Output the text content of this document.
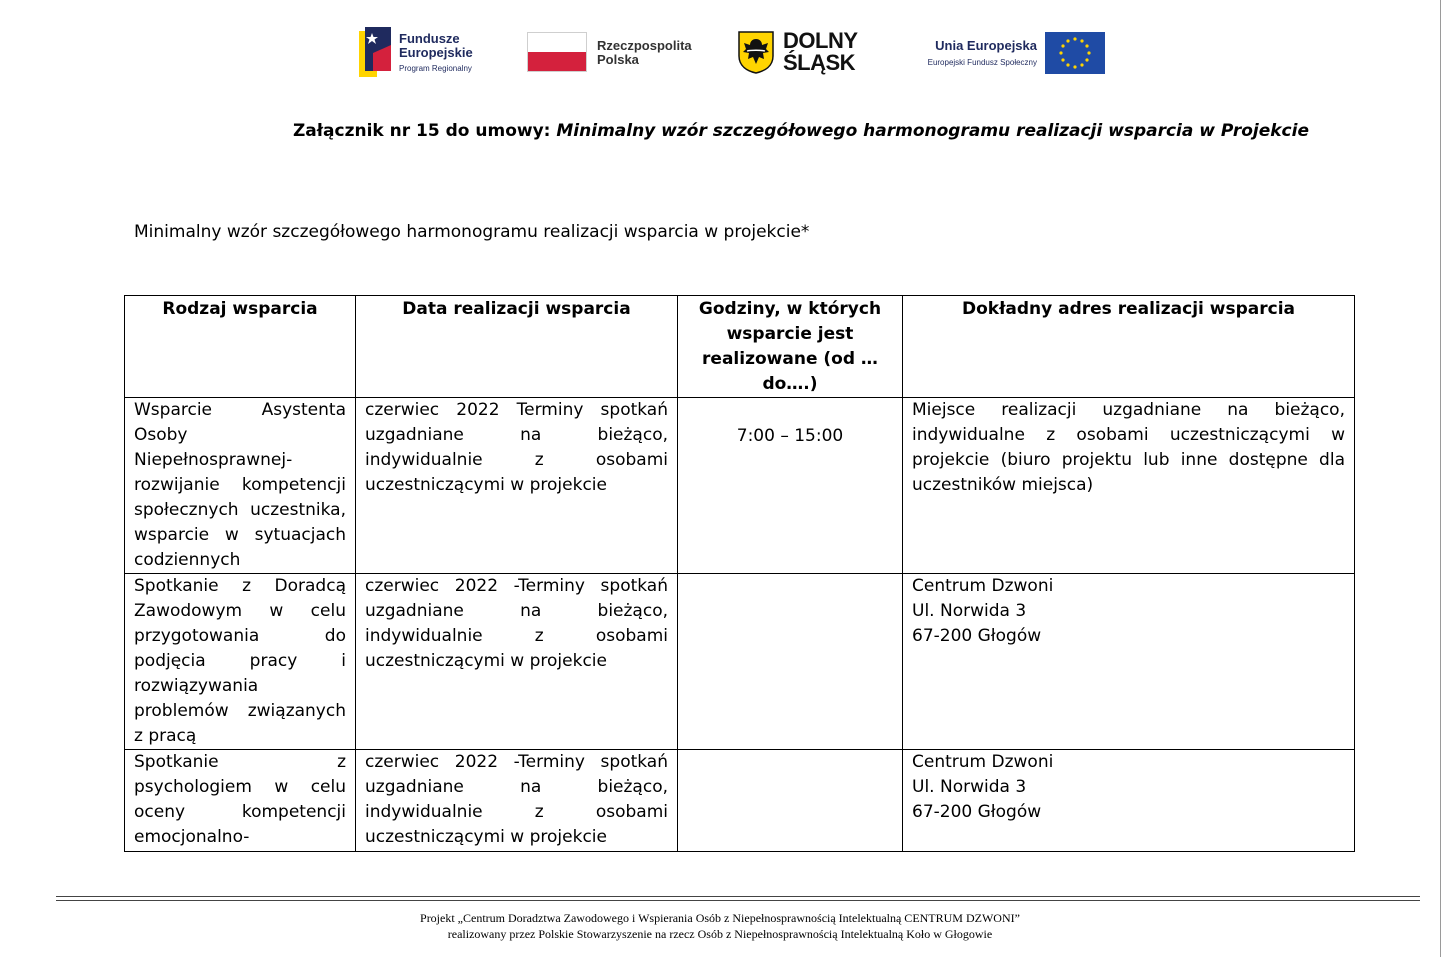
Fundusze
Europejskie
Program Regionalny
Rzeczpospolita
Polska
DOLNY
ŚLĄSK
Unia Europejska
Europejski Fundusz Społeczny
Załącznik nr 15 do umowy: Minimalny wzór szczegółowego harmonogramu realizacji wsparcia w Projekcie
Minimalny wzór szczegółowego harmonogramu realizacji wsparcia w projekcie*
Rodzaj wsparcia	Data realizacji wsparcia	Godziny, w których wsparcie jest realizowane (od … do….)	Dokładny adres realizacji wsparcia
Wsparcie Asystenta Osoby Niepełnosprawnej- rozwijanie kompetencji społecznych uczestnika, wsparcie w sytuacjach codziennych	czerwiec 2022 Terminy spotkań uzgadniane na bieżąco, indywidualnie z osobami uczestniczącymi w projekcie	7:00 – 15:00	Miejsce realizacji uzgadniane na bieżąco, indywidualne z osobami uczestniczącymi w projekcie (biuro projektu lub inne dostępne dla uczestników miejsca)
Spotkanie z Doradcą Zawodowym w celu przygotowania do podjęcia pracy i rozwiązywania problemów związanych z pracą	czerwiec 2022 -Terminy spotkań uzgadniane na bieżąco, indywidualnie z osobami uczestniczącymi w projekcie		Centrum Dzwoni
Ul. Norwida 3
67-200 Głogów

Spotkanie z psychologiem w celu oceny kompetencji emocjonalno-	czerwiec 2022 -Terminy spotkań uzgadniane na bieżąco, indywidualnie z osobami uczestniczącymi w projekcie		Centrum Dzwoni
Ul. Norwida 3
67-200 Głogów
Projekt „Centrum Doradztwa Zawodowego i Wspierania Osób z Niepełnosprawnością Intelektualną CENTRUM DZWONI”
realizowany przez Polskie Stowarzyszenie na rzecz Osób z Niepełnosprawnością Intelektualną Koło w Głogowie
